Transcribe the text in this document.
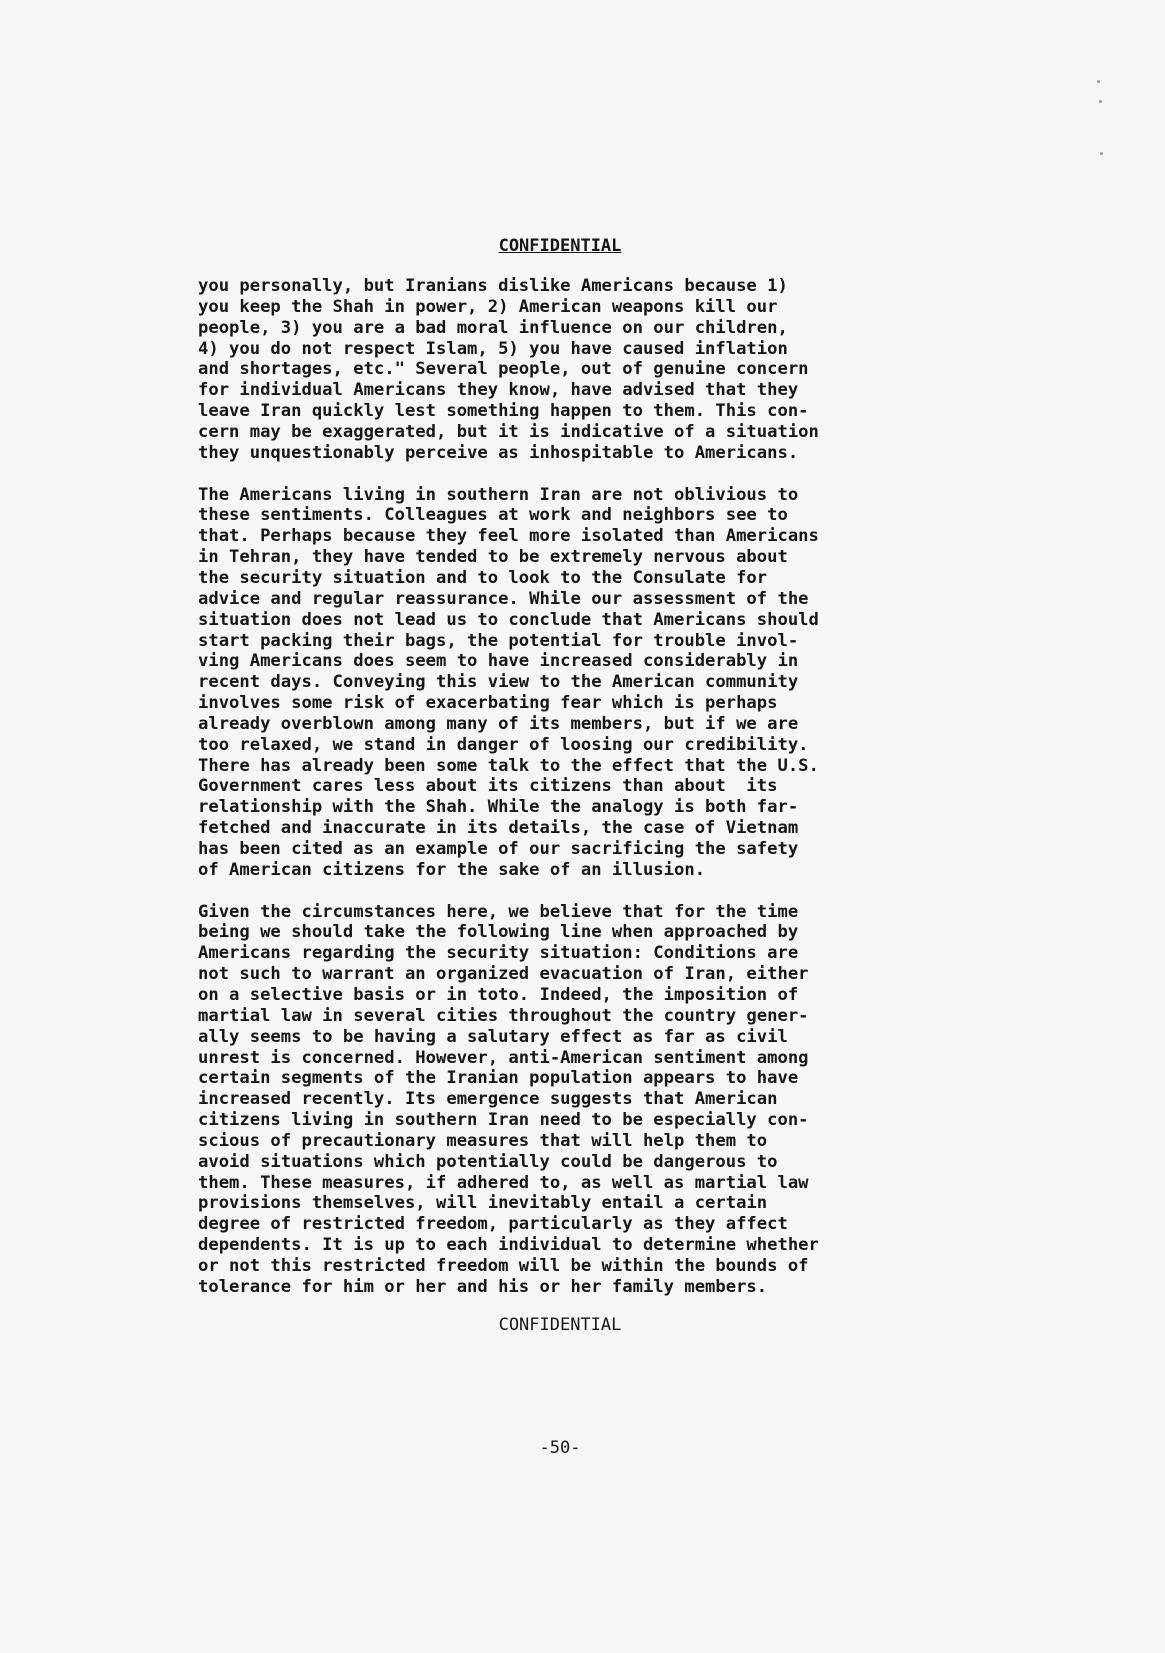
CONFIDENTIAL

you personally, but Iranians dislike Americans because 1)
you keep the Shah in power, 2) American weapons kill our
people, 3) you are a bad moral influence on our children,
4) you do not respect Islam, 5) you have caused inflation
and shortages, etc." Several people, out of genuine concern
for individual Americans they know, have advised that they
leave Iran quickly lest something happen to them. This con-
cern may be exaggerated, but it is indicative of a situation
they unquestionably perceive as inhospitable to Americans.

The Americans living in southern Iran are not oblivious to
these sentiments. Colleagues at work and neighbors see to
that. Perhaps because they feel more isolated than Americans
in Tehran, they have tended to be extremely nervous about
the security situation and to look to the Consulate for
advice and regular reassurance. While our assessment of the
situation does not lead us to conclude that Americans should
start packing their bags, the potential for trouble invol-
ving Americans does seem to have increased considerably in
recent days. Conveying this view to the American community
involves some risk of exacerbating fear which is perhaps
already overblown among many of its members, but if we are
too relaxed, we stand in danger of loosing our credibility.
There has already been some talk to the effect that the U.S.
Government cares less about its citizens than about  its
relationship with the Shah. While the analogy is both far-
fetched and inaccurate in its details, the case of Vietnam
has been cited as an example of our sacrificing the safety
of American citizens for the sake of an illusion.

Given the circumstances here, we believe that for the time
being we should take the following line when approached by
Americans regarding the security situation: Conditions are
not such to warrant an organized evacuation of Iran, either
on a selective basis or in toto. Indeed, the imposition of
martial law in several cities throughout the country gener-
ally seems to be having a salutary effect as far as civil
unrest is concerned. However, anti-American sentiment among
certain segments of the Iranian population appears to have
increased recently. Its emergence suggests that American
citizens living in southern Iran need to be especially con-
scious of precautionary measures that will help them to
avoid situations which potentially could be dangerous to
them. These measures, if adhered to, as well as martial law
provisions themselves, will inevitably entail a certain
degree of restricted freedom, particularly as they affect
dependents. It is up to each individual to determine whether
or not this restricted freedom will be within the bounds of
tolerance for him or her and his or her family members.

CONFIDENTIAL
-50-
